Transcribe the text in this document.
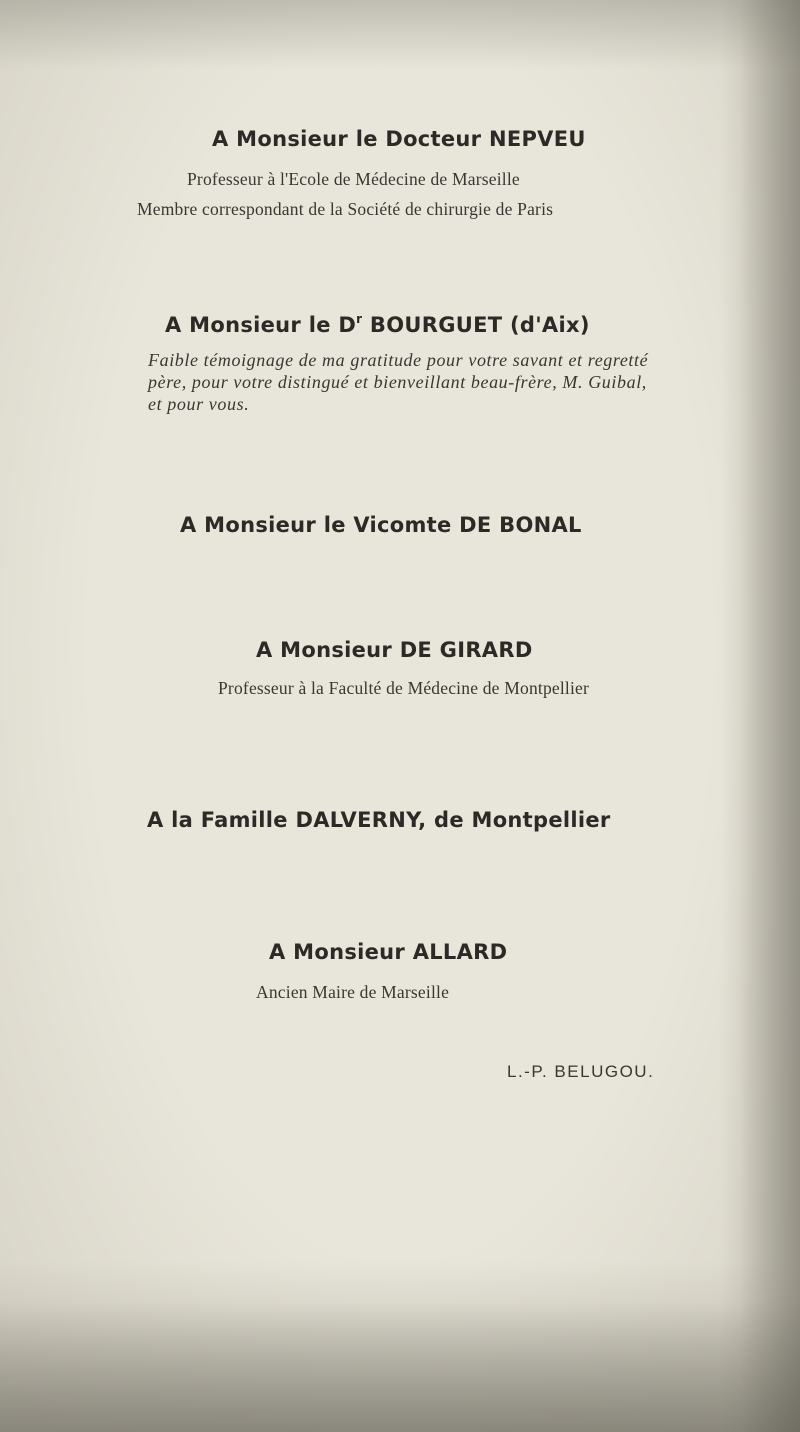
A Monsieur le Docteur NEPVEU
Professeur à l'Ecole de Médecine de Marseille
Membre correspondant de la Société de chirurgie de Paris
A Monsieur le $D^r$ BOURGUET (d'Aix)
Faible témoignage de ma gratitude pour votre savant et regretté
père, pour votre distingué et bienveillant beau-frère, M. Guibal,
et pour vous.
A Monsieur le Vicomte DE BONAL
A Monsieur DE GIRARD
Professeur à la Faculté de Médecine de Montpellier
A la Famille DALVERNY, de Montpellier
A Monsieur ALLARD
Ancien Maire de Marseille
L.-P. BELUGOU.
